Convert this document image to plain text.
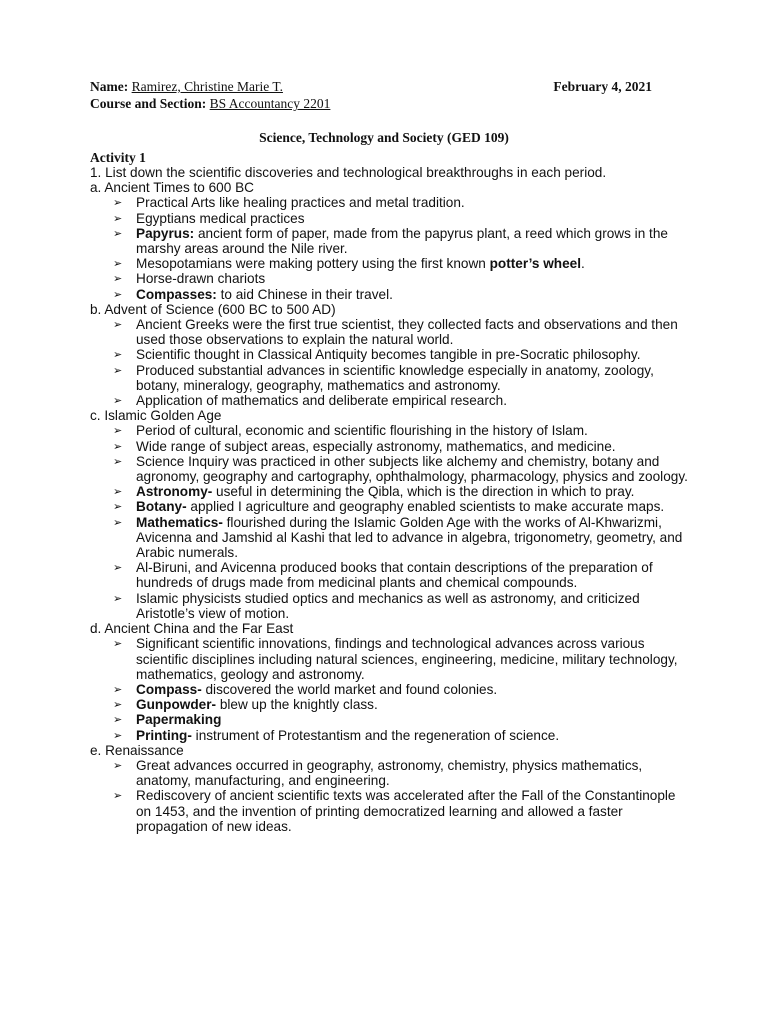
Name: Ramirez, Christine Marie T.	February 4, 2021
Course and Section: BS Accountancy 2201
Science, Technology and Society (GED 109)
Activity 1

1. List down the scientific discoveries and technological breakthroughs in each period.

a. Ancient Times to 600 BC

➢ Practical Arts like healing practices and metal tradition.
➢ Egyptians medical practices
➢ Papyrus: ancient form of paper, made from the papyrus plant, a reed which grows in the marshy areas around the Nile river.
➢ Mesopotamians were making pottery using the first known potter’s wheel.
➢ Horse-drawn chariots
➢ Compasses: to aid Chinese in their travel.

b. Advent of Science (600 BC to 500 AD)

➢ Ancient Greeks were the first true scientist, they collected facts and observations and then used those observations to explain the natural world.
➢ Scientific thought in Classical Antiquity becomes tangible in pre-Socratic philosophy.
➢ Produced substantial advances in scientific knowledge especially in anatomy, zoology, botany, mineralogy, geography, mathematics and astronomy.
➢ Application of mathematics and deliberate empirical research.

c. Islamic Golden Age

➢ Period of cultural, economic and scientific flourishing in the history of Islam.
➢ Wide range of subject areas, especially astronomy, mathematics, and medicine.
➢ Science Inquiry was practiced in other subjects like alchemy and chemistry, botany and agronomy, geography and cartography, ophthalmology, pharmacology, physics and zoology.
➢ Astronomy- useful in determining the Qibla, which is the direction in which to pray.
➢ Botany- applied I agriculture and geography enabled scientists to make accurate maps.
➢ Mathematics- flourished during the Islamic Golden Age with the works of Al-Khwarizmi, Avicenna and Jamshid al Kashi that led to advance in algebra, trigonometry, geometry, and Arabic numerals.
➢ Al-Biruni, and Avicenna produced books that contain descriptions of the preparation of hundreds of drugs made from medicinal plants and chemical compounds.
➢ Islamic physicists studied optics and mechanics as well as astronomy, and criticized Aristotle’s view of motion.

d. Ancient China and the Far East

➢ Significant scientific innovations, findings and technological advances across various scientific disciplines including natural sciences, engineering, medicine, military technology, mathematics, geology and astronomy.
➢ Compass- discovered the world market and found colonies.
➢ Gunpowder- blew up the knightly class.
➢ Papermaking
➢ Printing- instrument of Protestantism and the regeneration of science.

e. Renaissance

➢ Great advances occurred in geography, astronomy, chemistry, physics mathematics, anatomy, manufacturing, and engineering.
➢ Rediscovery of ancient scientific texts was accelerated after the Fall of the Constantinople on 1453, and the invention of printing democratized learning and allowed a faster propagation of new ideas.
